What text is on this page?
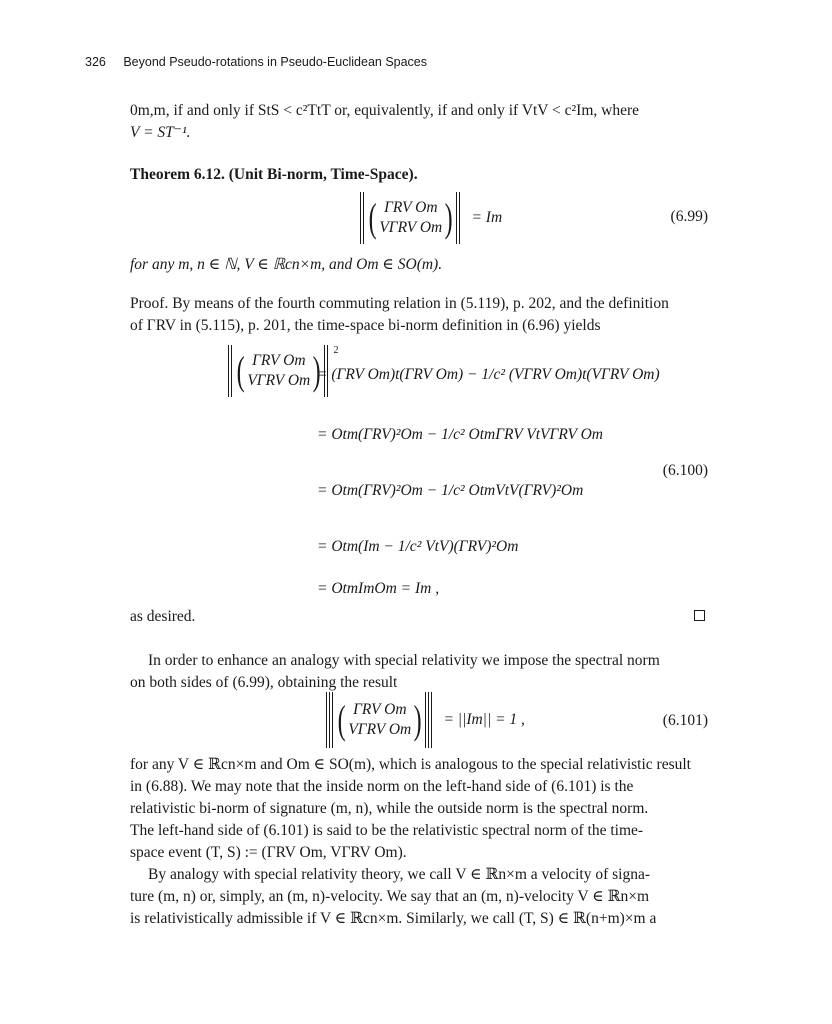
326 Beyond Pseudo-rotations in Pseudo-Euclidean Spaces
0m,m, if and only if StS < c²TtT or, equivalently, if and only if VtV < c²Im, where
V = ST⁻¹.
Theorem 6.12. (Unit Bi-norm, Time-Space).
( ΓRV Om
VΓRV Om ) = Im	(6.99)
for any m, n ∈ ℕ, V ∈ ℝcn×m, and Om ∈ SO(m).
Proof. By means of the fourth commuting relation in (5.119), p. 202, and the definition
of ΓRV in (5.115), p. 201, the time-space bi-norm definition in (6.96) yields
( ΓRV Om
VΓRV Om ) $^2$
= (ΓRV Om)t(ΓRV Om) − 1/c² (VΓRV Om)t(VΓRV Om)
= Otm(ΓRV)²Om − 1/c² OtmΓRV VtVΓRV Om
= Otm(ΓRV)²Om − 1/c² OtmVtV(ΓRV)²Om
= Otm(Im − 1/c² VtV)(ΓRV)²Om
= OtmImOm = Im ,
(6.100)
as desired.
In order to enhance an analogy with special relativity we impose the spectral norm
on both sides of (6.99), obtaining the result
( ΓRV Om
VΓRV Om ) = ||Im|| = 1 ,	(6.101)
for any V ∈ ℝcn×m and Om ∈ SO(m), which is analogous to the special relativistic result
in (6.88). We may note that the inside norm on the left-hand side of (6.101) is the
relativistic bi-norm of signature (m, n), while the outside norm is the spectral norm.
The left-hand side of (6.101) is said to be the relativistic spectral norm of the time-
space event (T, S) := (ΓRV Om, VΓRV Om).
By analogy with special relativity theory, we call V ∈ ℝn×m a velocity of signa-
ture (m, n) or, simply, an (m, n)-velocity. We say that an (m, n)-velocity V ∈ ℝn×m
is relativistically admissible if V ∈ ℝcn×m. Similarly, we call (T, S) ∈ ℝ(n+m)×m a
